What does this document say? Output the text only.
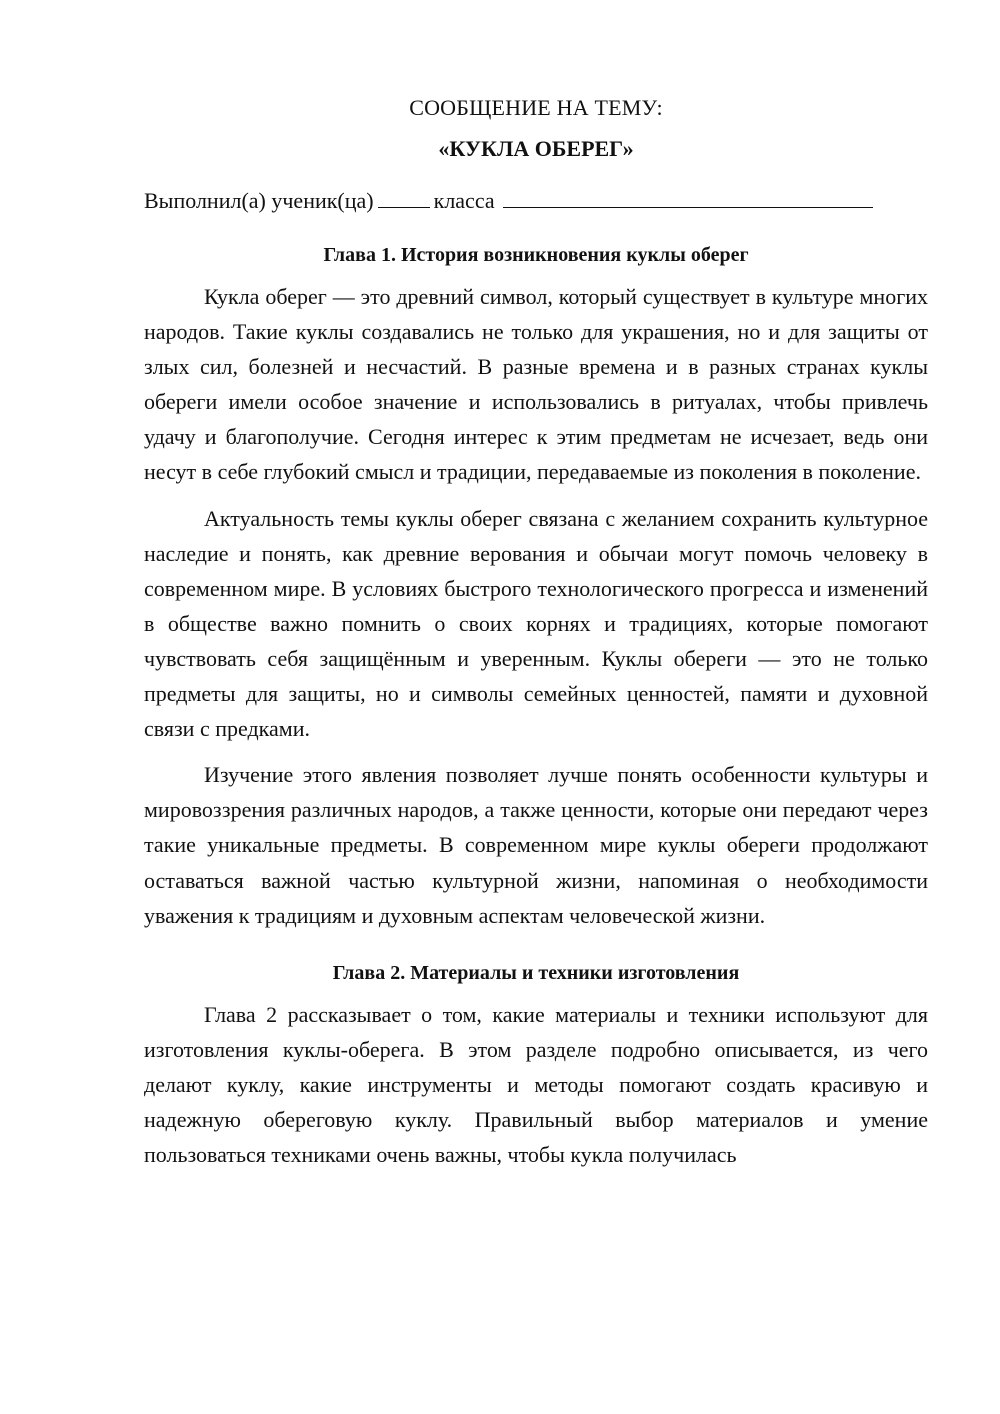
СООБЩЕНИЕ НА ТЕМУ:
«КУКЛА ОБЕРЕГ»

Выполнил(а) ученик(ца)	класса

Глава 1. История возникновения куклы оберег

Кукла оберег — это древний символ, который существует в культуре многих народов. Такие куклы создавались не только для украшения, но и для защиты от злых сил, болезней и несчастий. В разные времена и в разных странах куклы обереги имели особое значение и использовались в ритуалах, чтобы привлечь удачу и благополучие. Сегодня интерес к этим предметам не исчезает, ведь они несут в себе глубокий смысл и традиции, передаваемые из поколения в поколение.

Актуальность темы куклы оберег связана с желанием сохранить культурное наследие и понять, как древние верования и обычаи могут помочь человеку в современном мире. В условиях быстрого технологического прогресса и изменений в обществе важно помнить о своих корнях и традициях, которые помогают чувствовать себя защищённым и уверенным. Куклы обереги — это не только предметы для защиты, но и символы семейных ценностей, памяти и духовной связи с предками.

Изучение этого явления позволяет лучше понять особенности культуры и мировоззрения различных народов, а также ценности, которые они передают через такие уникальные предметы. В современном мире куклы обереги продолжают оставаться важной частью культурной жизни, напоминая о необходимости уважения к традициям и духовным аспектам человеческой жизни.

Глава 2. Материалы и техники изготовления

Глава 2 рассказывает о том, какие материалы и техники используют для изготовления куклы-оберега. В этом разделе подробно описывается, из чего делают куклу, какие инструменты и методы помогают создать красивую и надежную обереговую куклу. Правильный выбор материалов и умение пользоваться техниками очень важны, чтобы кукла получилась
